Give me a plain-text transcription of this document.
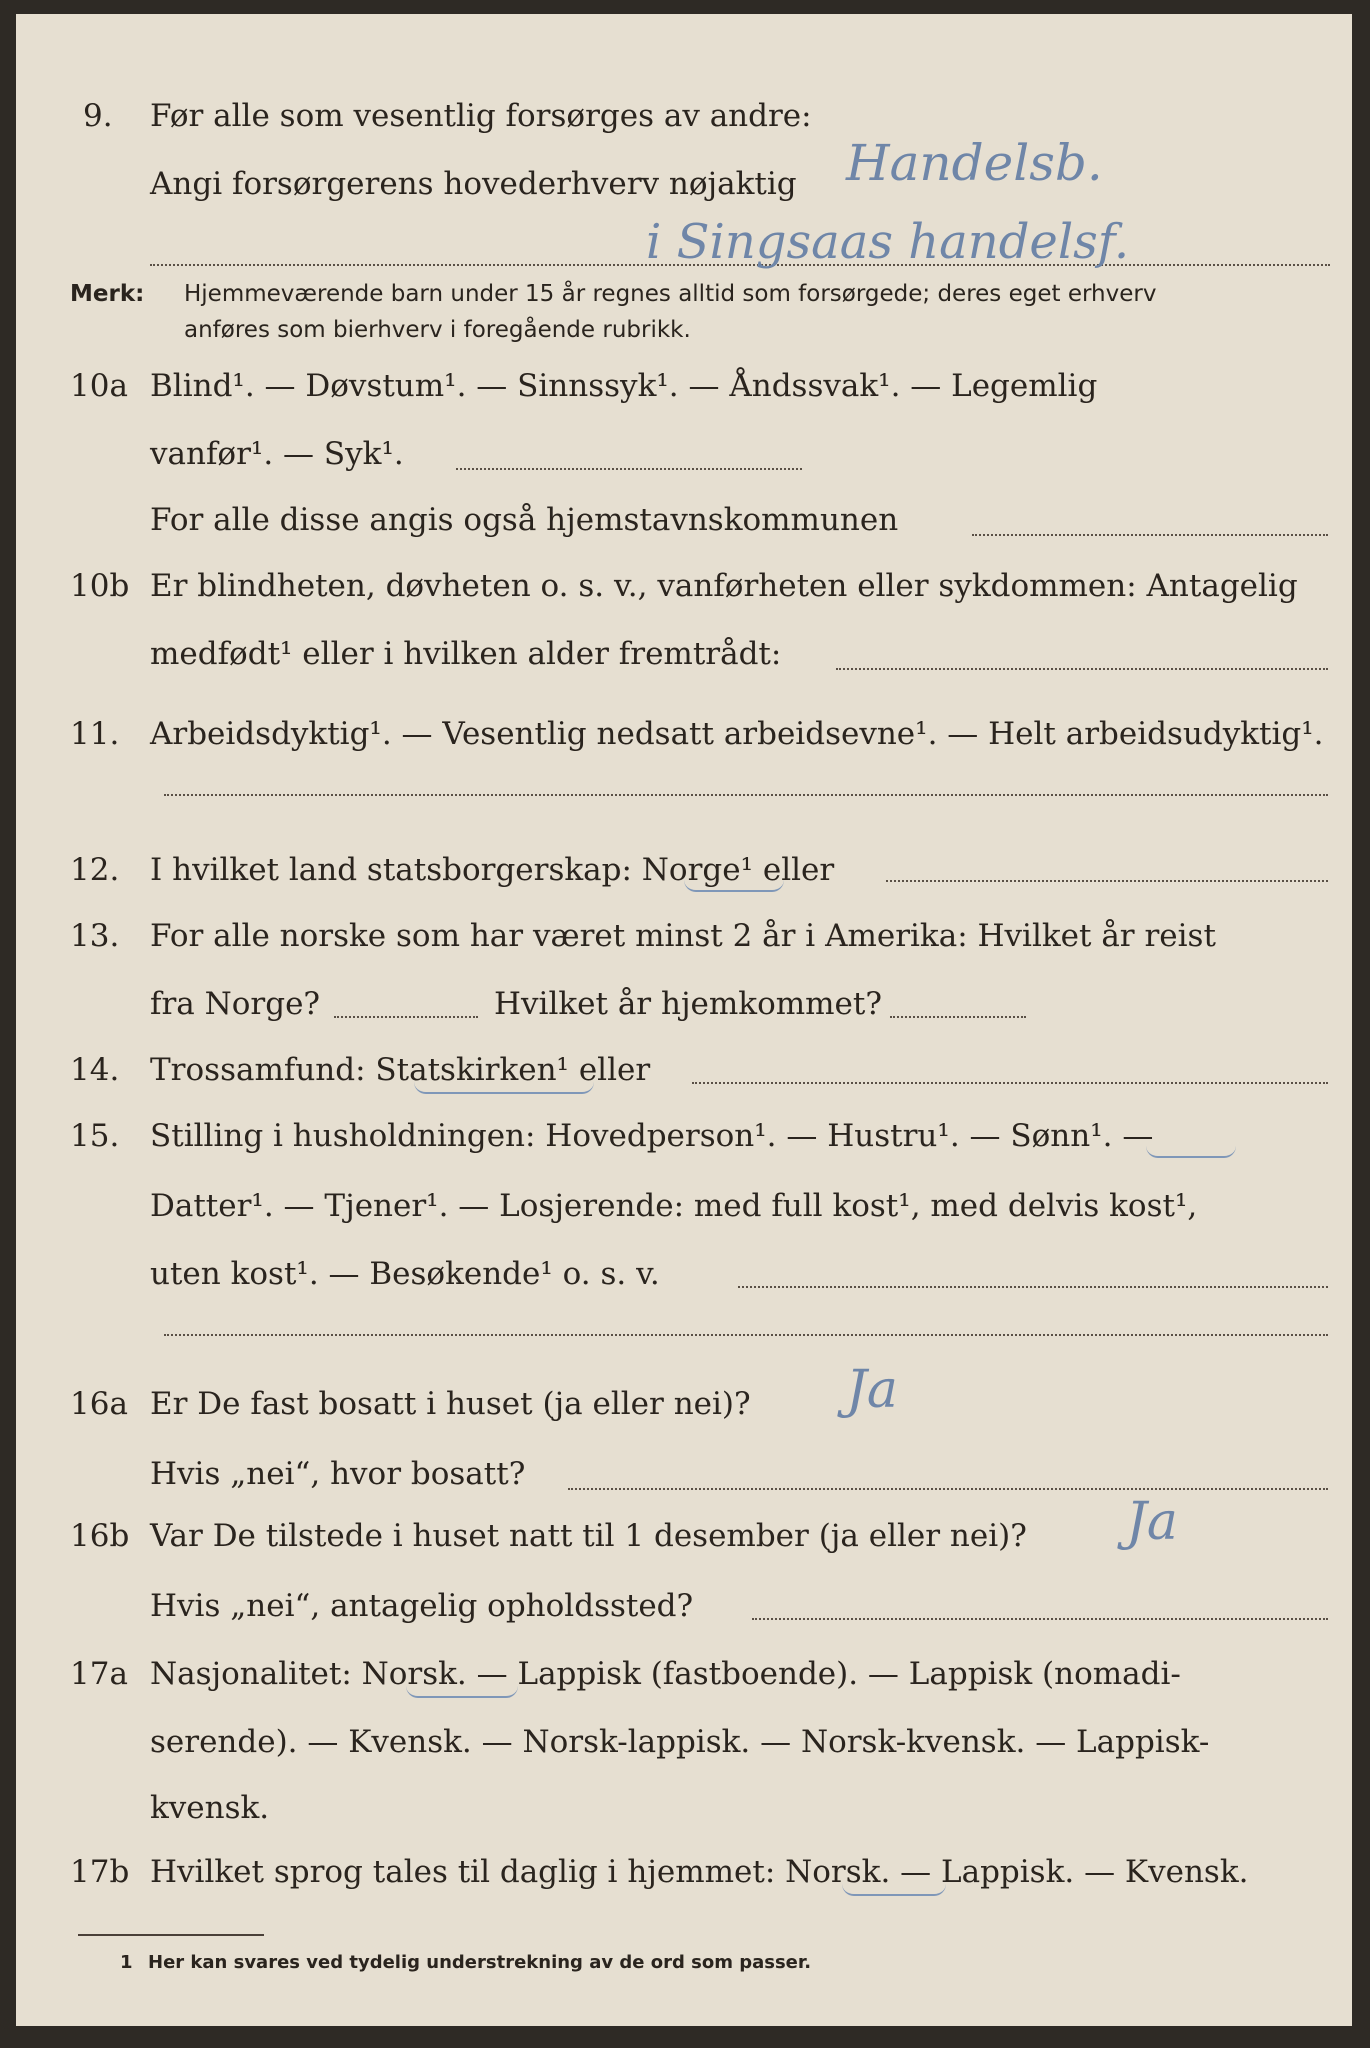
9. Før alle som vesentlig forsørges av andre:
Angi forsørgerens hovederhverv nøjaktig Handelsb.
i Singsaas handelsf.
Merk: Hjemmeværende barn under 15 år regnes alltid som forsørgede; deres eget erhverv
anføres som bierhverv i foregående rubrikk.
10a Blind¹. — Døvstum¹. — Sinnssyk¹. — Åndssvak¹. — Legemlig
vanfør¹. — Syk¹.
For alle disse angis også hjemstavnskommunen
10b Er blindheten, døvheten o. s. v., vanførheten eller sykdommen: Antagelig
medfødt¹ eller i hvilken alder fremtrådt:
11. Arbeidsdyktig¹. — Vesentlig nedsatt arbeidsevne¹. — Helt arbeidsudyktig¹.
12. I hvilket land statsborgerskap: Norge¹ eller
13. For alle norske som har været minst 2 år i Amerika: Hvilket år reist
fra Norge?	Hvilket år hjemkommet?
14. Trossamfund: Statskirken¹ eller
15. Stilling i husholdningen: Hovedperson¹. — Hustru¹. — Sønn¹. —
Datter¹. — Tjener¹. — Losjerende: med full kost¹, med delvis kost¹,
uten kost¹. — Besøkende¹ o. s. v.
16a Er De fast bosatt i huset (ja eller nei)? Ja
Hvis „nei“, hvor bosatt?
16b Var De tilstede i huset natt til 1 desember (ja eller nei)? Ja
Hvis „nei“, antagelig opholdssted?
17a Nasjonalitet: Norsk. — Lappisk (fastboende). — Lappisk (nomadi-
serende). — Kvensk. — Norsk-lappisk. — Norsk-kvensk. — Lappisk-
kvensk.
17b Hvilket sprog tales til daglig i hjemmet: Norsk. — Lappisk. — Kvensk.
1 Her kan svares ved tydelig understrekning av de ord som passer.
